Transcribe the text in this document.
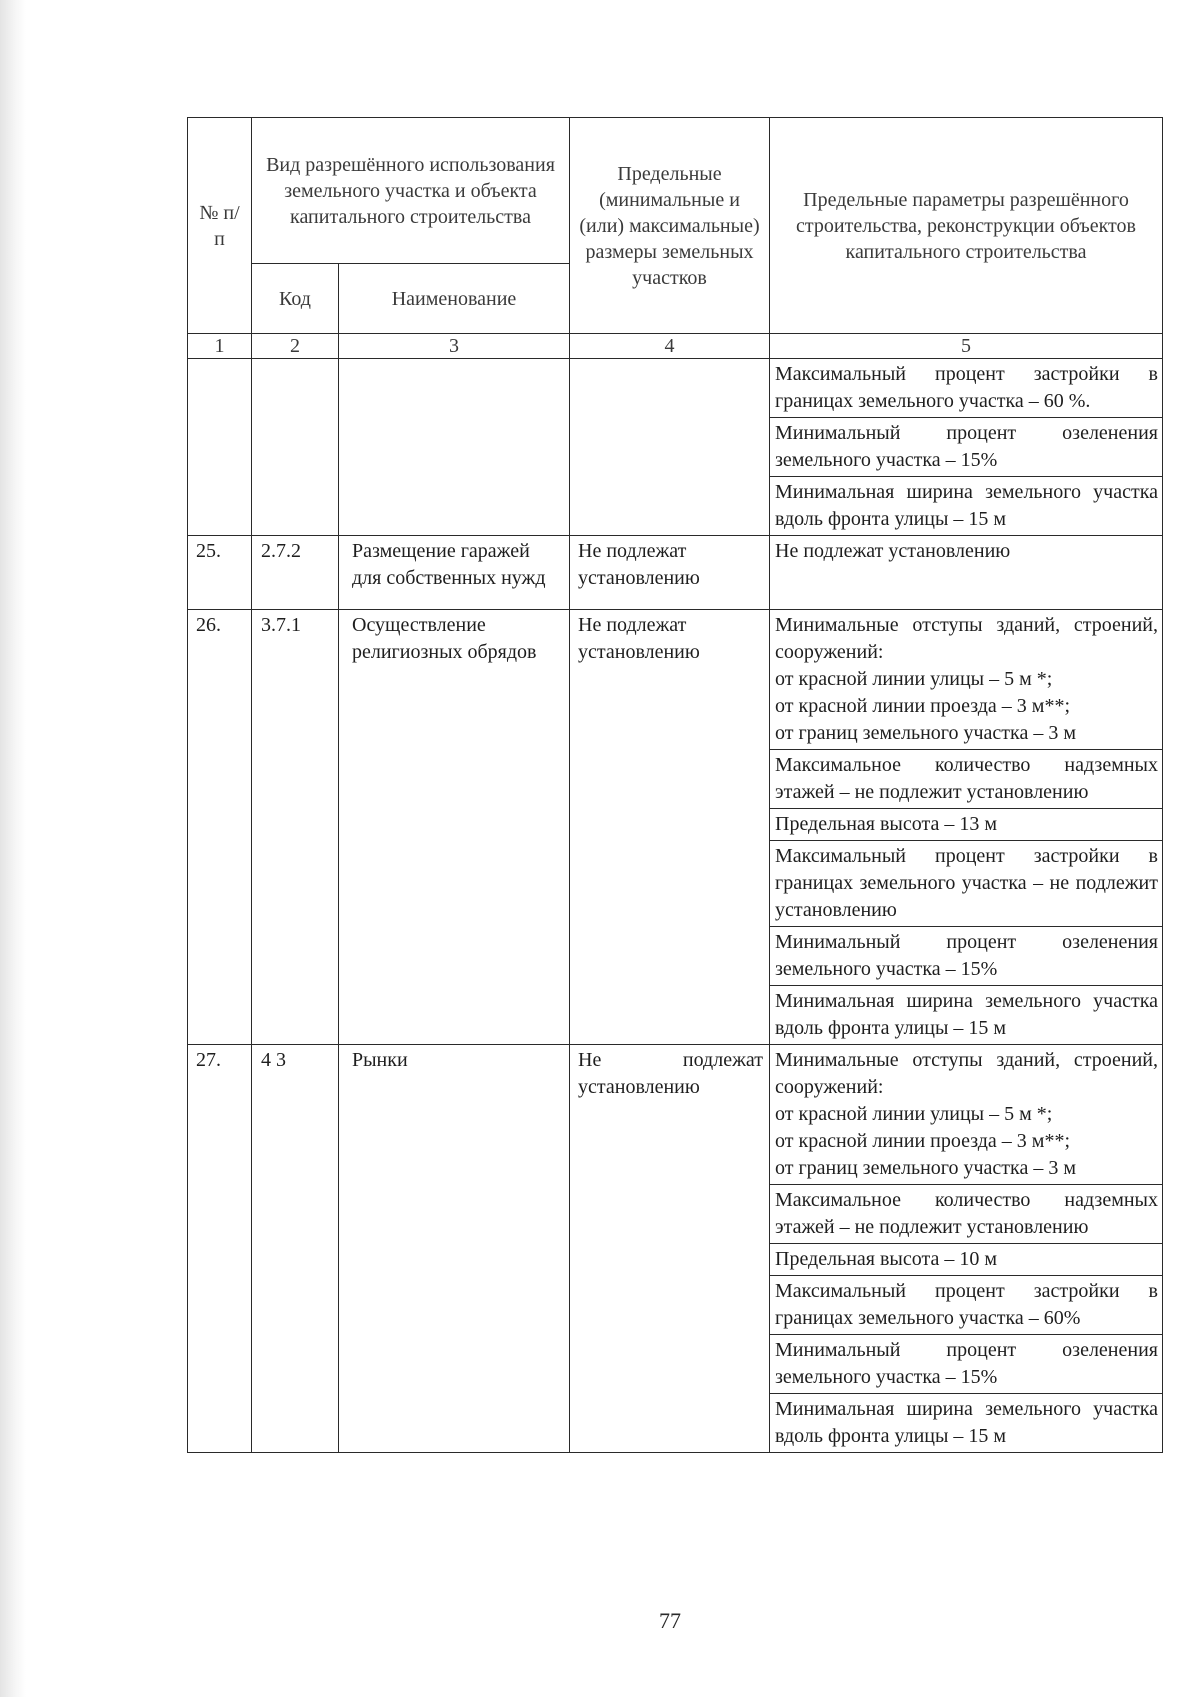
№ п/п	Вид разрешённого использования земельного участка и объекта капитального строительства		Предельные (минимальные и (или) максимальные) размеры земельных участков	Предельные параметры разрешённого строительства, реконструкции объектов капитального строительства
	Код	Наименование		
1	2	3	4	5
				Максимальный процент застройки в границах земельного участка – 60 %.
				Минимальный процент озеленения земельного участка – 15%
				Минимальная ширина земельного участка вдоль фронта улицы – 15 м
25.	2.7.2	Размещение гаражей для собственных нужд	Не подлежат установлению	Не подлежат установлению
26.	3.7.1	Осуществление религиозных обрядов	Не подлежат установлению	Минимальные отступы зданий, строений, сооружений:
от красной линии улицы – 5 м *;
от красной линии проезда – 3 м**;
от границ земельного участка – 3 м

				Максимальное количество надземных этажей – не подлежит установлению
				Предельная высота – 13 м
				Максимальный процент застройки в границах земельного участка – не подлежит установлению
				Минимальный процент озеленения земельного участка – 15%
				Минимальная ширина земельного участка вдоль фронта улицы – 15 м
27.	4 3	Рынки	Не подлежат установлению	Минимальные отступы зданий, строений, сооружений:
от красной линии улицы – 5 м *;
от красной линии проезда – 3 м**;
от границ земельного участка – 3 м

				Максимальное количество надземных этажей – не подлежит установлению
				Предельная высота – 10 м
				Максимальный процент застройки в границах земельного участка – 60%
				Минимальный процент озеленения земельного участка – 15%
				Минимальная ширина земельного участка вдоль фронта улицы – 15 м
77
